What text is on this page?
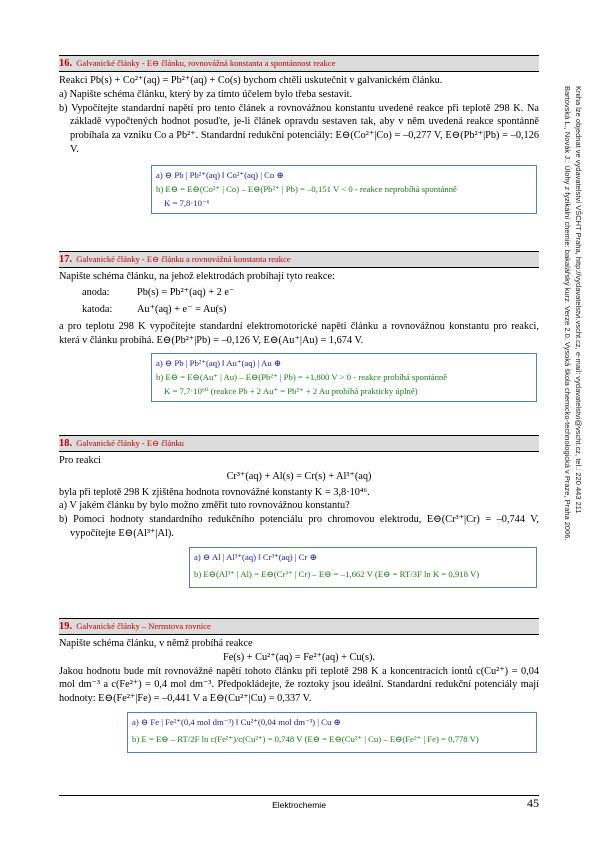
Bartovská L., Novák J.: Úlohy z fyzikální chemie: bakalářský kurz. Verze 2.0. Vysoká škola chemicko-technologická v Praze, Praha 2006. Kniha lze objednat ve vydavatelství VŠCHT Praha, http://vydavatelstvi.vscht.cz, e-mail: vydavatelstvi@vscht.cz, tel.: 220 443 211
16. Galvanické články - E⊖ článku, rovnovážná konstanta a spontánnost reakce

Reakci Pb(s) + Co²⁺(aq) = Pb²⁺(aq) + Co(s) bychom chtěli uskutečnit v galvanickém článku.

a) Napište schéma článku, který by za tímto účelem bylo třeba sestavit.

b) Vypočítejte standardní napětí pro tento článek a rovnovážnou konstantu uvedené reakce při teplotě 298 K. Na základě vypočtených hodnot posuďte, je-li článek opravdu sestaven tak, aby v něm uvedená reakce spontánně probíhala za vzniku Co a Pb²⁺. Standardní redukční potenciály: E⊖(Co²⁺|Co) = –0,277 V, E⊖(Pb²⁺|Pb) = –0,126 V.

a) ⊖ Pb | Pb²⁺(aq) ‖ Co²⁺(aq) | Co ⊕
b) E⊖ = E⊖(Co²⁺ | Co) – E⊖(Pb²⁺ | Pb) = –0,151 V < 0 - reakce neprobíhá spontánně
K = 7,8·10⁻⁶
17. Galvanické články - E⊖ článku a rovnovážná konstanta reakce

Napište schéma článku, na jehož elektrodách probíhají tyto reakce:

anoda:	Pb(s) = Pb²⁺(aq) + 2 e⁻
katoda:	Au⁺(aq) + e⁻ = Au(s)

a pro teplotu 298 K vypočítejte standardní elektromotorické napětí článku a rovnovážnou konstantu pro reakci, která v článku probíhá. E⊖(Pb²⁺|Pb) = –0,126 V, E⊖(Au⁺|Au) = 1,674 V.

a) ⊖ Pb | Pb²⁺(aq) ‖ Au⁺(aq) | Au ⊕
b) E⊖ = E⊖(Au⁺ | Au) – E⊖(Pb²⁺ | Pb) = +1,800 V > 0 - reakce probíhá spontánně
K = 7,7·10⁶⁰ (reakce Pb + 2 Au⁺ = Pb²⁺ + 2 Au probíhá prakticky úplně)
18. Galvanické články - E⊖ článku

Pro reakci

Cr³⁺(aq) + Al(s) = Cr(s) + Al³⁺(aq)

byla při teplotě 298 K zjištěna hodnota rovnovážné konstanty K = 3,8·10⁴⁶.

a) V jakém článku by bylo možno změřit tuto rovnovážnou konstantu?

b) Pomocí hodnoty standardního redukčního potenciálu pro chromovou elektrodu, E⊖(Cr³⁺|Cr) = –0,744 V, vypočítejte E⊖(Al³⁺|Al).

a) ⊖ Al | Al³⁺(aq) ‖ Cr³⁺(aq) | Cr ⊕
b) E⊖(Al³⁺ | Al) = E⊖(Cr³⁺ | Cr) – E⊖ = –1,662 V (E⊖ = RT/3F ln K = 0,918 V)
19. Galvanické články – Nernstova rovnice

Napište schéma článku, v němž probíhá reakce

Fe(s) + Cu²⁺(aq) = Fe²⁺(aq) + Cu(s).

Jakou hodnotu bude mít rovnovážné napětí tohoto článku při teplotě 298 K a koncentracích iontů c(Cu²⁺) = 0,04 mol dm⁻³ a c(Fe²⁺) = 0,4 mol dm⁻³. Předpokládejte, že roztoky jsou ideální. Standardní redukční potenciály mají hodnoty: E⊖(Fe²⁺|Fe) = –0,441 V a E⊖(Cu²⁺|Cu) = 0,337 V.

a) ⊖ Fe | Fe²⁺(0,4 mol dm⁻³) ‖ Cu²⁺(0,04 mol dm⁻³) | Cu ⊕
b) E = E⊖ – RT/2F ln c(Fe²⁺)/c(Cu²⁺) = 0,748 V (E⊖ = E⊖(Cu²⁺ | Cu) – E⊖(Fe²⁺ | Fe) = 0,778 V)
Elektrochemie	45
